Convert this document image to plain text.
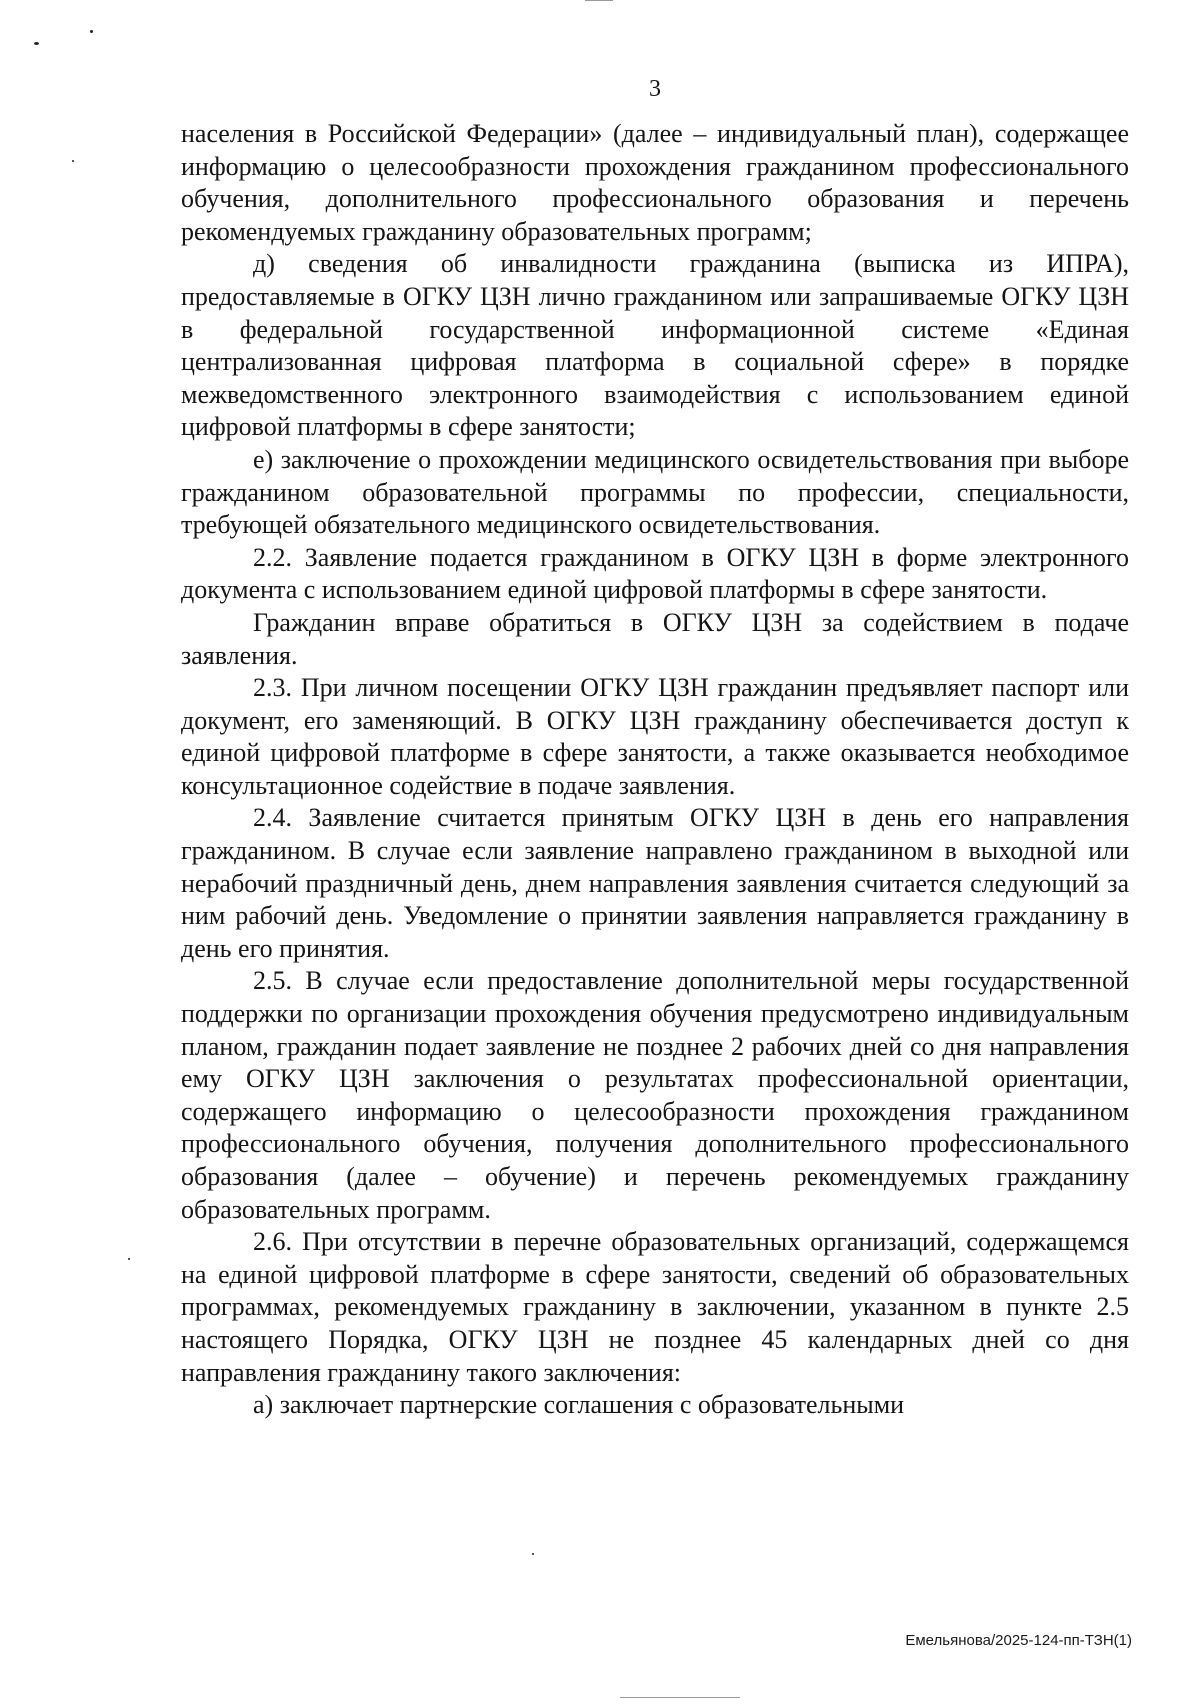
3

населения в Российской Федерации» (далее – индивидуальный план), содержащее информацию о целесообразности прохождения гражданином профессионального обучения, дополнительного профессионального образования и перечень рекомендуемых гражданину образовательных программ;

д) сведения об инвалидности гражданина (выписка из ИПРА), предоставляемые в ОГКУ ЦЗН лично гражданином или запрашиваемые ОГКУ ЦЗН в федеральной государственной информационной системе «Единая централизованная цифровая платформа в социальной сфере» в порядке межведомственного электронного взаимодействия с использованием единой цифровой платформы в сфере занятости;

е) заключение о прохождении медицинского освидетельствования при выборе гражданином образовательной программы по профессии, специальности, требующей обязательного медицинского освидетельствования.

2.2. Заявление подается гражданином в ОГКУ ЦЗН в форме электронного документа с использованием единой цифровой платформы в сфере занятости.

Гражданин вправе обратиться в ОГКУ ЦЗН за содействием в подаче заявления.

2.3. При личном посещении ОГКУ ЦЗН гражданин предъявляет паспорт или документ, его заменяющий. В ОГКУ ЦЗН гражданину обеспечивается доступ к единой цифровой платформе в сфере занятости, а также оказывается необходимое консультационное содействие в подаче заявления.

2.4. Заявление считается принятым ОГКУ ЦЗН в день его направления гражданином. В случае если заявление направлено гражданином в выходной или нерабочий праздничный день, днем направления заявления считается следующий за ним рабочий день. Уведомление о принятии заявления направляется гражданину в день его принятия.

2.5. В случае если предоставление дополнительной меры государственной поддержки по организации прохождения обучения предусмотрено индивидуальным планом, гражданин подает заявление не позднее 2 рабочих дней со дня направления ему ОГКУ ЦЗН заключения о результатах профессиональной ориентации, содержащего информацию о целесообразности прохождения гражданином профессионального обучения, получения дополнительного профессионального образования (далее – обучение) и перечень рекомендуемых гражданину образовательных программ.

2.6. При отсутствии в перечне образовательных организаций, содержащемся на единой цифровой платформе в сфере занятости, сведений об образовательных программах, рекомендуемых гражданину в заключении, указанном в пункте 2.5 настоящего Порядка, ОГКУ ЦЗН не позднее 45 календарных дней со дня направления гражданину такого заключения:

а) заключает партнерские соглашения с образовательными

Емельянова/2025-124-пп-ТЗН(1)
